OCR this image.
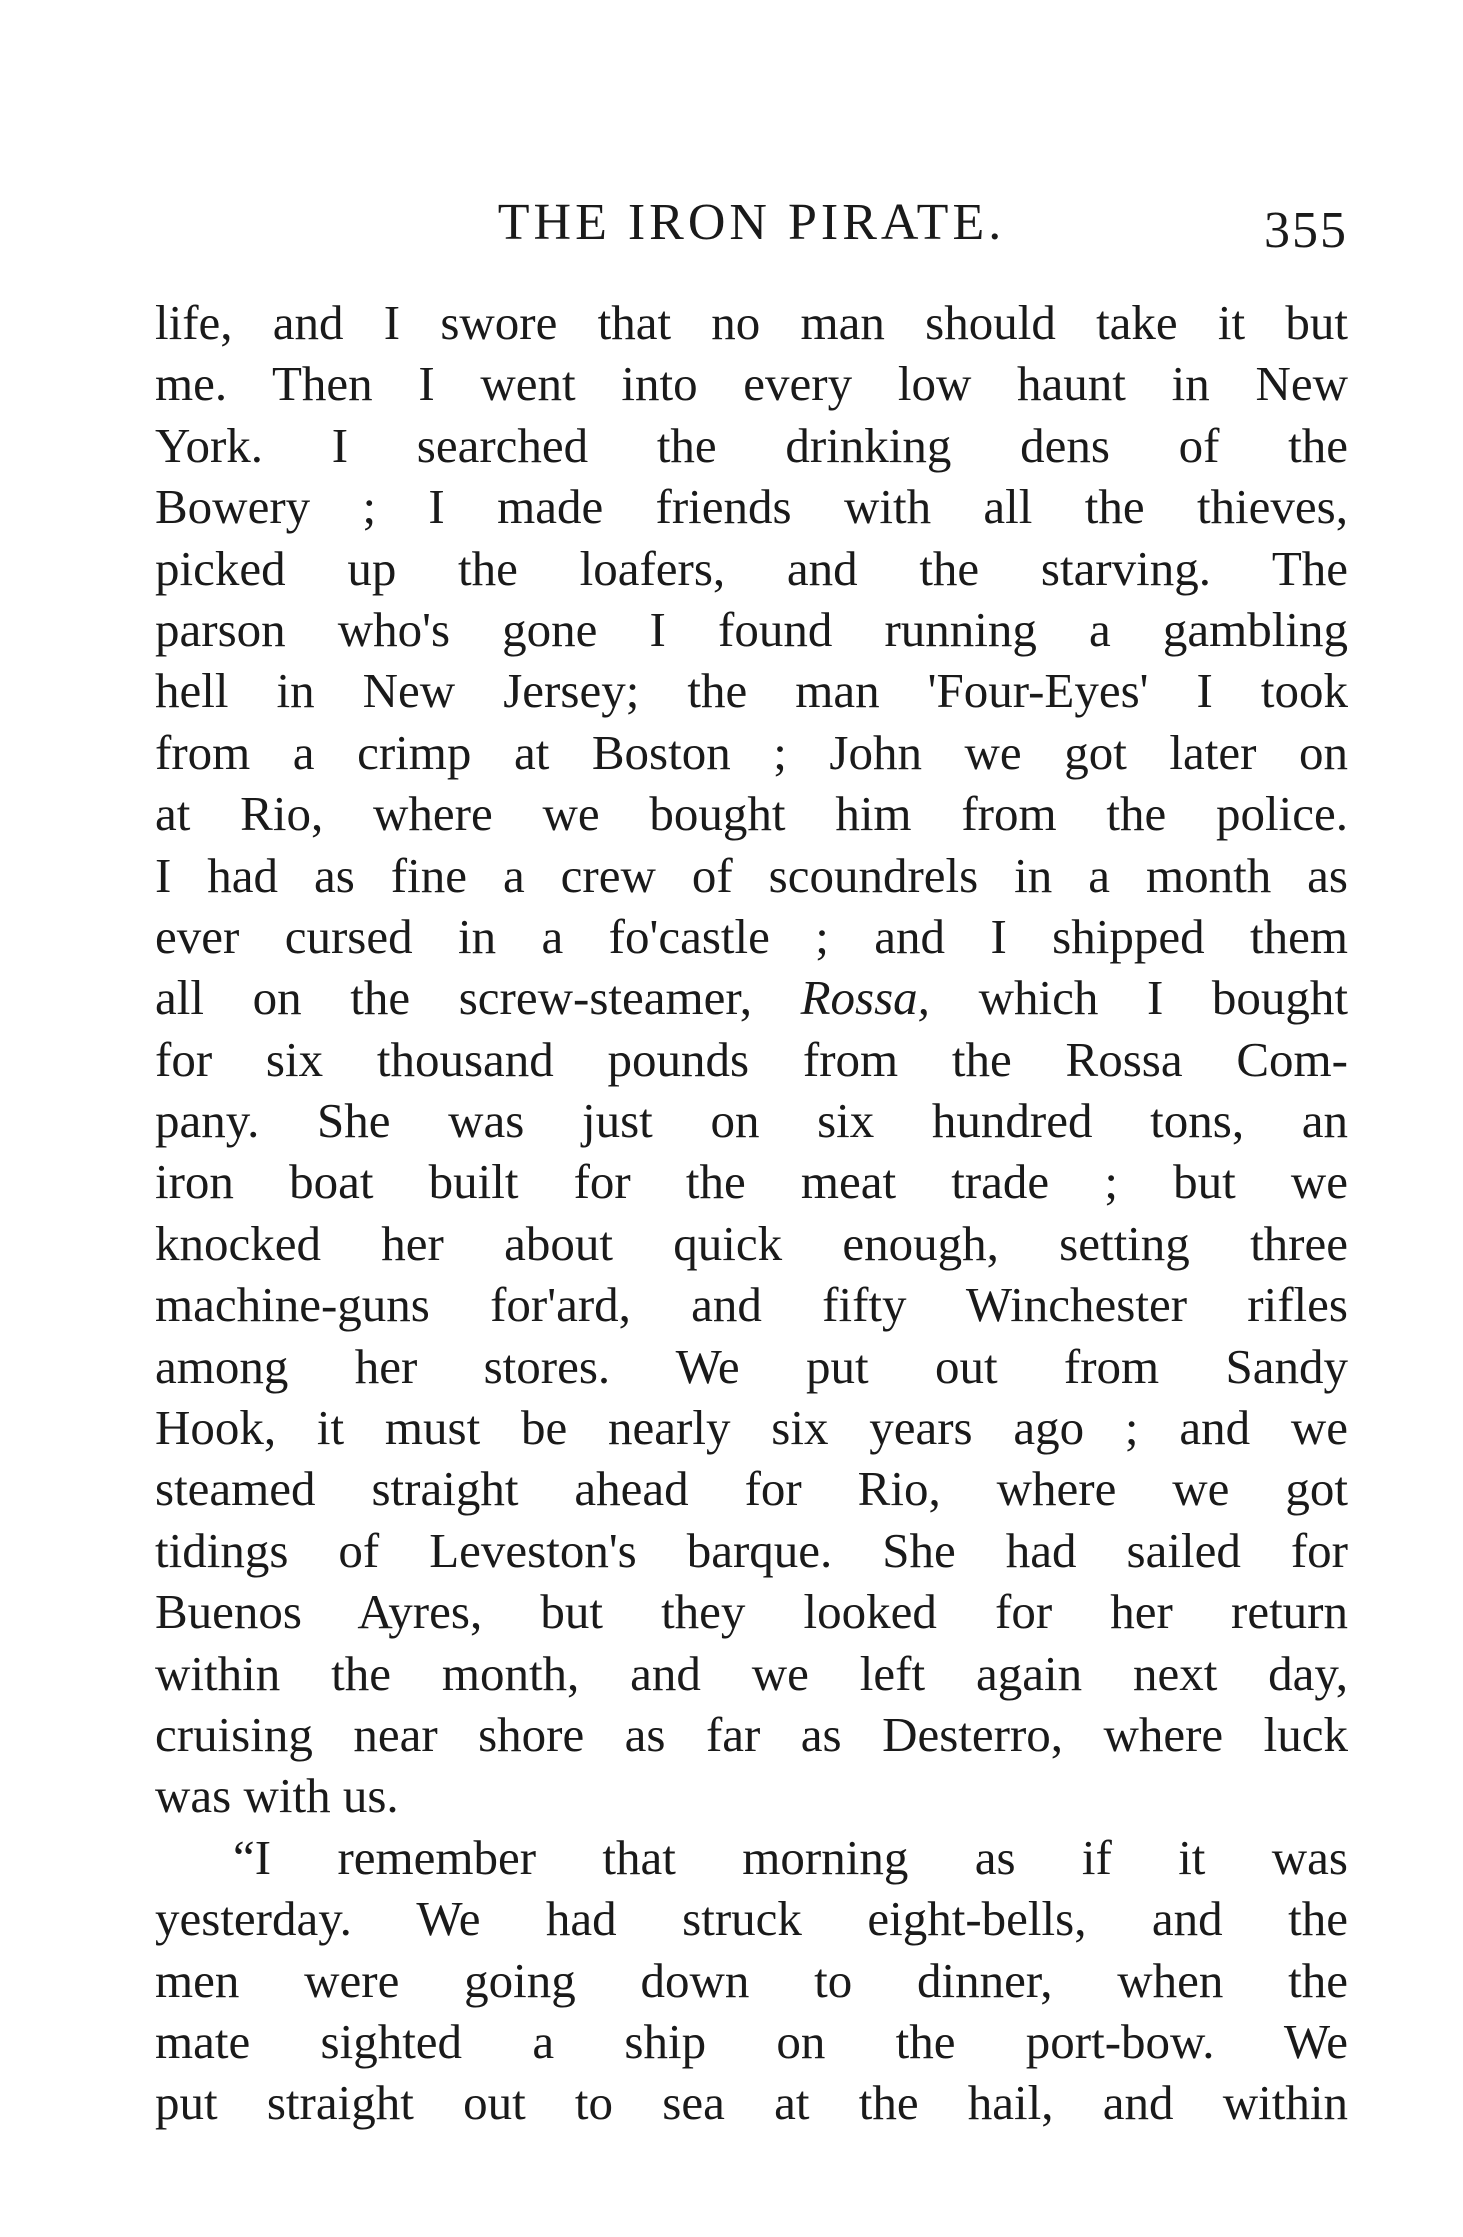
THE IRON PIRATE.	355
life, and I swore that no man should take it but
me. Then I went into every low haunt in New
York. I searched the drinking dens of the
Bowery ; I made friends with all the thieves,
picked up the loafers, and the starving. The
parson who's gone I found running a gambling
hell in New Jersey; the man 'Four-Eyes' I took
from a crimp at Boston ; John we got later on
at Rio, where we bought him from the police.
I had as fine a crew of scoundrels in a month as
ever cursed in a fo'castle ; and I shipped them
all on the screw-steamer, Rossa, which I bought
for six thousand pounds from the Rossa Com-
pany. She was just on six hundred tons, an
iron boat built for the meat trade ; but we
knocked her about quick enough, setting three
machine-guns for'ard, and fifty Winchester rifles
among her stores. We put out from Sandy
Hook, it must be nearly six years ago ; and we
steamed straight ahead for Rio, where we got
tidings of Leveston's barque. She had sailed for
Buenos Ayres, but they looked for her return
within the month, and we left again next day,
cruising near shore as far as Desterro, where luck
was with us.
“I remember that morning as if it was
yesterday. We had struck eight-bells, and the
men were going down to dinner, when the
mate sighted a ship on the port-bow. We
put straight out to sea at the hail, and within
